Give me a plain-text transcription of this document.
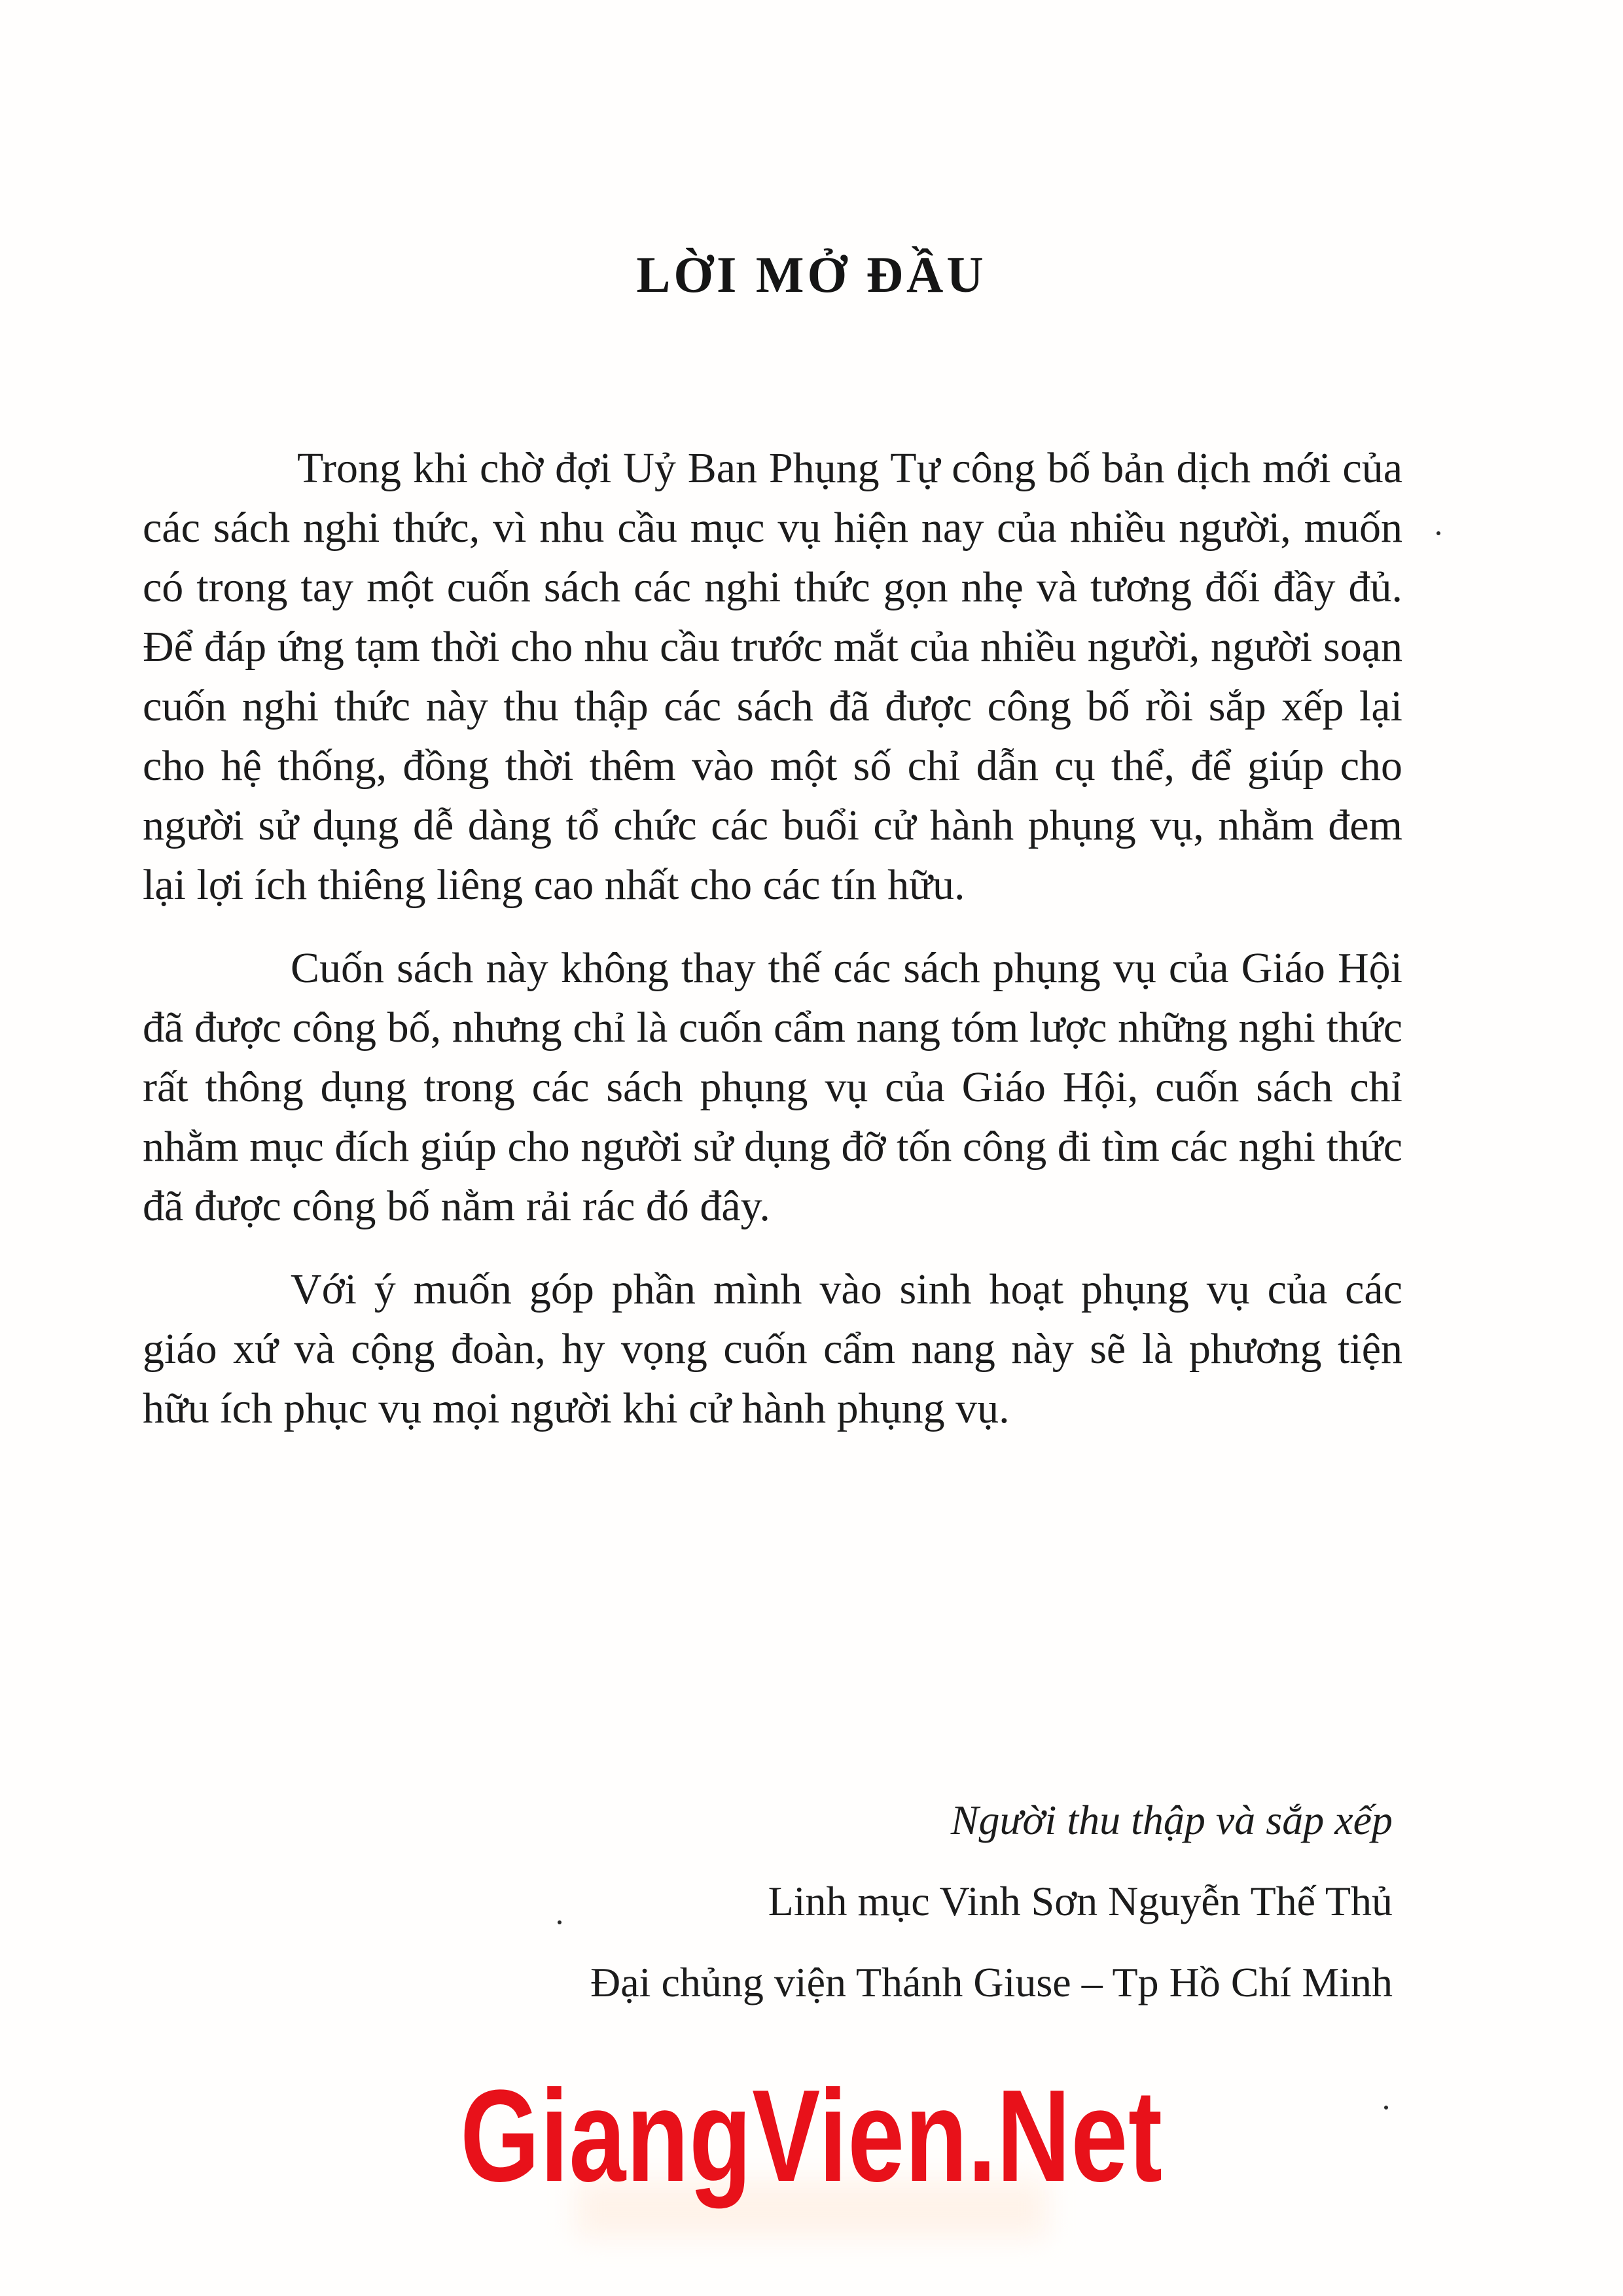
LỜI MỞ ĐẦU

Trong khi chờ đợi Uỷ Ban Phụng Tự công bố bản dịch mới của các sách nghi thức, vì nhu cầu mục vụ hiện nay của nhiều người, muốn có trong tay một cuốn sách các nghi thức gọn nhẹ và tương đối đầy đủ. Để đáp ứng tạm thời cho nhu cầu trước mắt của nhiều người, người soạn cuốn nghi thức này thu thập các sách đã được công bố rồi sắp xếp lại cho hệ thống, đồng thời thêm vào một số chỉ dẫn cụ thể, để giúp cho người sử dụng dễ dàng tổ chức các buổi cử hành phụng vụ, nhằm đem lại lợi ích thiêng liêng cao nhất cho các tín hữu.

Cuốn sách này không thay thế các sách phụng vụ của Giáo Hội đã được công bố, nhưng chỉ là cuốn cẩm nang tóm lược những nghi thức rất thông dụng trong các sách phụng vụ của Giáo Hội, cuốn sách chỉ nhằm mục đích giúp cho người sử dụng đỡ tốn công đi tìm các nghi thức đã được công bố nằm rải rác đó đây.

Với ý muốn góp phần mình vào sinh hoạt phụng vụ của các giáo xứ và cộng đoàn, hy vọng cuốn cẩm nang này sẽ là phương tiện hữu ích phục vụ mọi người khi cử hành phụng vụ.

Người thu thập và sắp xếp
Linh mục Vinh Sơn Nguyễn Thế Thủ
Đại chủng viện Thánh Giuse – Tp Hồ Chí Minh
GiangVien.Net
